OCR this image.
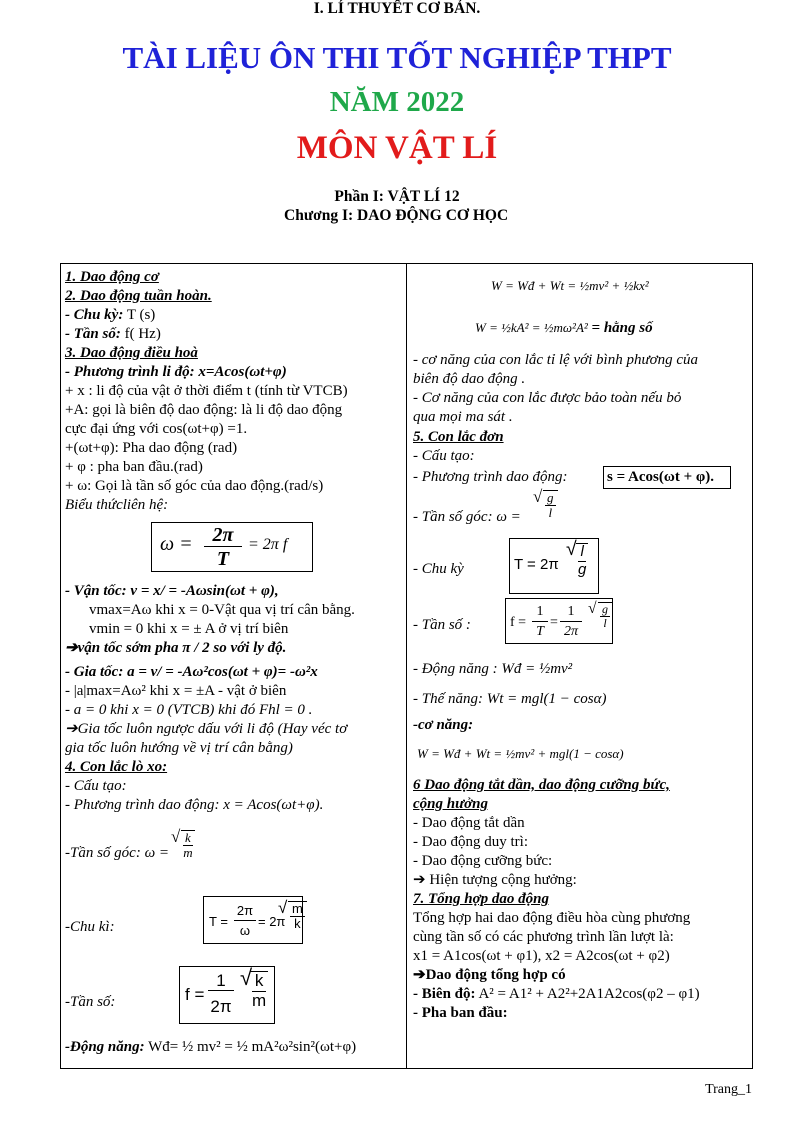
TÀI LIỆU ÔN THI TỐT NGHIỆP THPT
NĂM 2022
MÔN VẬT LÍ
Phần I: VẬT LÍ 12
Chương I: DAO ĐỘNG CƠ HỌC
I. LÍ THUYẾT CƠ BẢN.
1. Dao động cơ
2. Dao động tuần hoàn.
- Chu kỳ: T (s)
- Tần số: f( Hz)
3. Dao động điều hoà
- Phương trình li độ: x=Acos(ωt+φ)
+ x : li độ của vật ở thời điểm t (tính từ VTCB)
+A: gọi là biên độ dao động: là li độ dao động
cực đại ứng với cos(ωt+φ) =1.
+(ωt+φ): Pha dao động (rad)
+ φ : pha ban đầu.(rad)
+ ω: Gọi là tần số góc của dao động.(rad/s)
Biểu thứcliên hệ:
ω = 2π
T
= 2π f
- Vận tốc: v = x/ = -Aωsin(ωt + φ),
vmax=Aω khi x = 0-Vật qua vị trí cân bằng.
vmin = 0 khi x = ± A ở vị trí biên
➔vận tốc sớm pha π / 2 so với ly độ.
- Gia tốc: a = v/ = -Aω²cos(ωt + φ)= -ω²x
- |a|max=Aω² khi x = ±A - vật ở biên
- a = 0 khi x = 0 (VTCB) khi đó Fhl = 0 .
➔Gia tốc luôn ngược dấu với li độ (Hay véc tơ
gia tốc luôn hướng về vị trí cân bằng)
4. Con lắc lò xo:
- Cấu tạo:
- Phương trình dao động: x = Acos(ωt+φ).
-Tần số góc: ω = √ $\frac{k}{m}$
-Chu kì:	T =
2π
ω
= 2π √ $\frac{m}{k}$
-Tần số:	f =
1
2π √ $\frac{k}{m}$
-Động năng: Wđ= ½ mv² = ½ mA²ω²sin²(ωt+φ)
W = Wđ + Wt = ½mv² + ½kx²
W = ½kA² = ½mω²A² = hằng số
- cơ năng của con lắc tỉ lệ với bình phương của
biên độ dao động .
- Cơ năng của con lắc được bảo toàn nếu bỏ
qua mọi ma sát .
5. Con lắc đơn
- Cấu tạo:
- Phương trình dao động:	s = Acos(ωt + φ).
- Tần số góc: ω = √ $\frac{g}{l}$
- Chu kỳ	T = 2π √ $\frac{l}{g}$
- Tần số :	f =
1
T
=
1
2π
√ $\frac{g}{l}$
- Động năng : Wđ = ½mv²
- Thế năng: Wt = mgl(1 − cosα)
-cơ năng:
W = Wđ + Wt = ½mv² + mgl(1 − cosα)
6 Dao động tắt dần, dao động cưỡng bức,
cộng hưởng
- Dao động tắt dần
- Dao động duy trì:
- Dao động cưỡng bức:
➔ Hiện tượng cộng hưởng:
7. Tổng hợp dao động
Tổng hợp hai dao động điều hòa cùng phương
cùng tần số có các phương trình lần lượt là:
x1 = A1cos(ωt + φ1), x2 = A2cos(ωt + φ2)
➔Dao động tổng hợp có
- Biên độ: A² = A1² + A2²+2A1A2cos(φ2 – φ1)
- Pha ban đầu:
Trang_1
